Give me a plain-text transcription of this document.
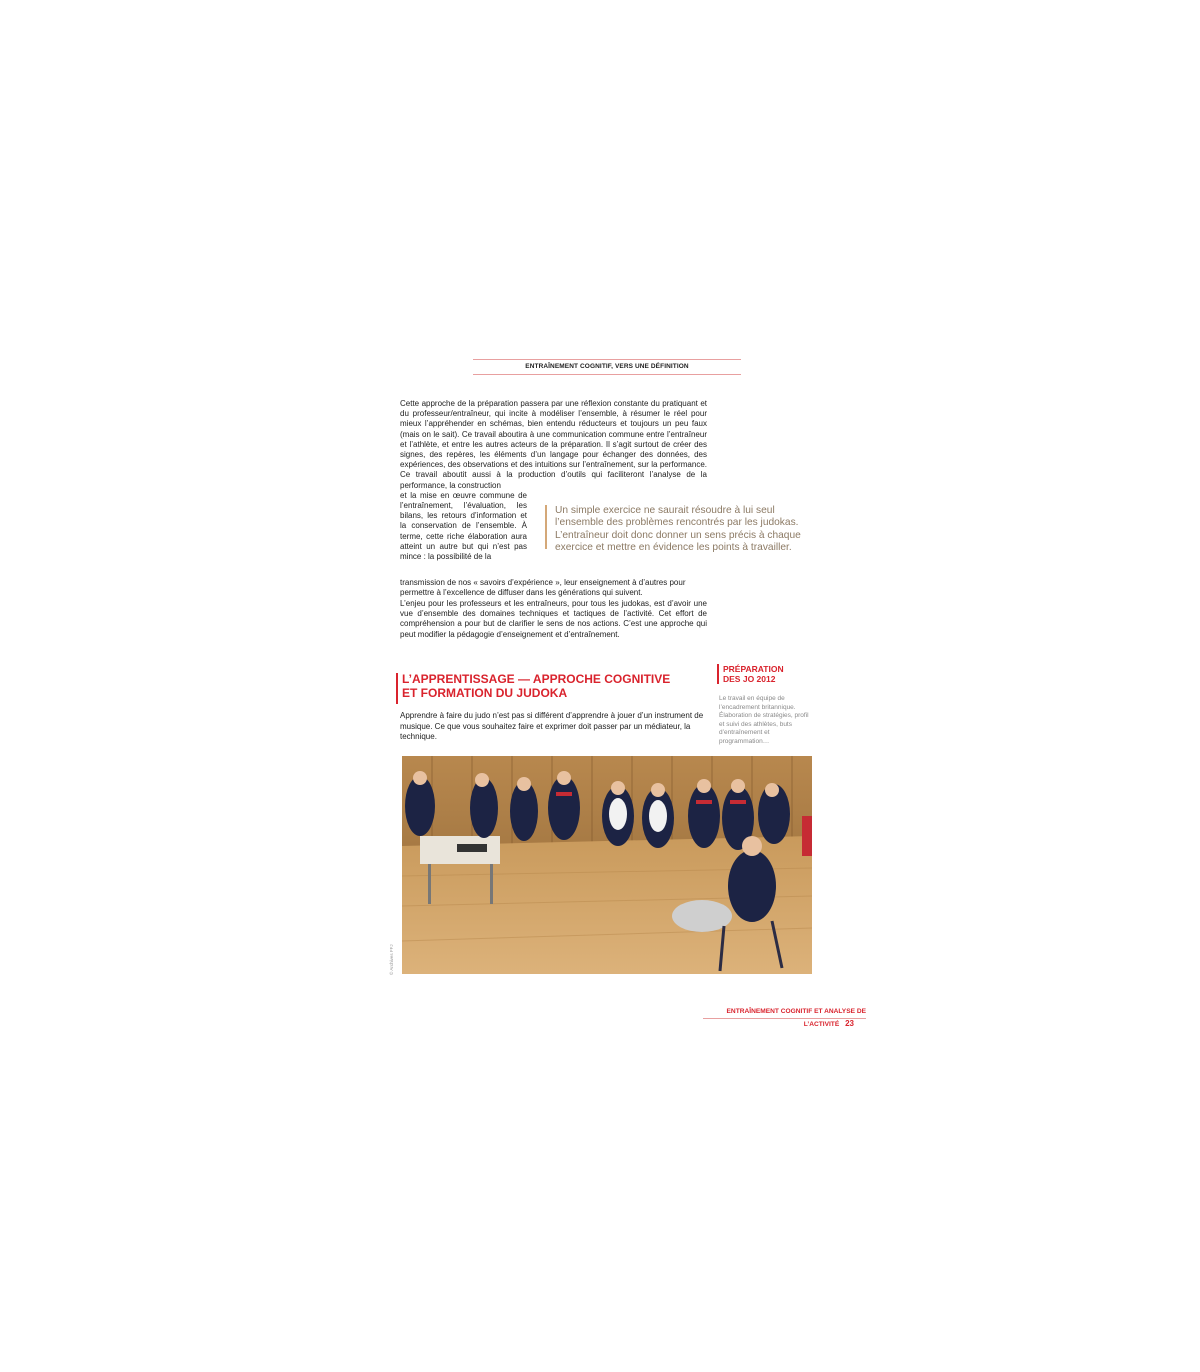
ENTRAÎNEMENT COGNITIF, VERS UNE DÉFINITION
Cette approche de la préparation passera par une réflexion constante du pratiquant et du professeur/entraîneur, qui incite à modéliser l’ensemble, à résumer le réel pour mieux l’appréhender en schémas, bien entendu réducteurs et toujours un peu faux (mais on le sait). Ce travail aboutira à une communication commune entre l’entraîneur et l’athlète, et entre les autres acteurs de la préparation. Il s’agit surtout de créer des signes, des repères, les éléments d’un langage pour échanger des données, des expériences, des observations et des intuitions sur l’entraînement, sur la performance. Ce travail aboutit aussi à la production d’outils qui faciliteront l’analyse de la performance, la construction
et la mise en œuvre commune de l’entraînement, l’évaluation, les bilans, les retours d’information et la conservation de l’ensemble. À terme, cette riche élaboration aura atteint un autre but qui n’est pas mince : la possibilité de la
transmission de nos « savoirs d’expérience », leur enseignement à d’autres pour permettre à l’excellence de diffuser dans les générations qui suivent.
L’enjeu pour les professeurs et les entraîneurs, pour tous les judokas, est d’avoir une vue d’ensemble des domaines techniques et tactiques de l’activité. Cet effort de compréhension a pour but de clarifier le sens de nos actions. C’est une approche qui peut modifier la pédagogie d’enseignement et d’entraînement.
Un simple exercice ne saurait résoudre à lui seul l’ensemble des problèmes rencontrés par les judokas. L’entraîneur doit donc donner un sens précis à chaque exercice et mettre en évidence les points à travailler.
L’APPRENTISSAGE — APPROCHE COGNITIVE
ET FORMATION DU JUDOKA
Apprendre à faire du judo n’est pas si différent d’apprendre à jouer d’un instrument de musique. Ce que vous souhaitez faire et exprimer doit passer par un médiateur, la technique.
PRÉPARATION
DES JO 2012
Le travail en équipe de l’encadrement britannique. Élaboration de stratégies, profil et suivi des athlètes, buts d’entraînement et programmation…
© Archives FFJ
ENTRAÎNEMENT COGNITIF ET ANALYSE DE L’ACTIVITÉ 23
